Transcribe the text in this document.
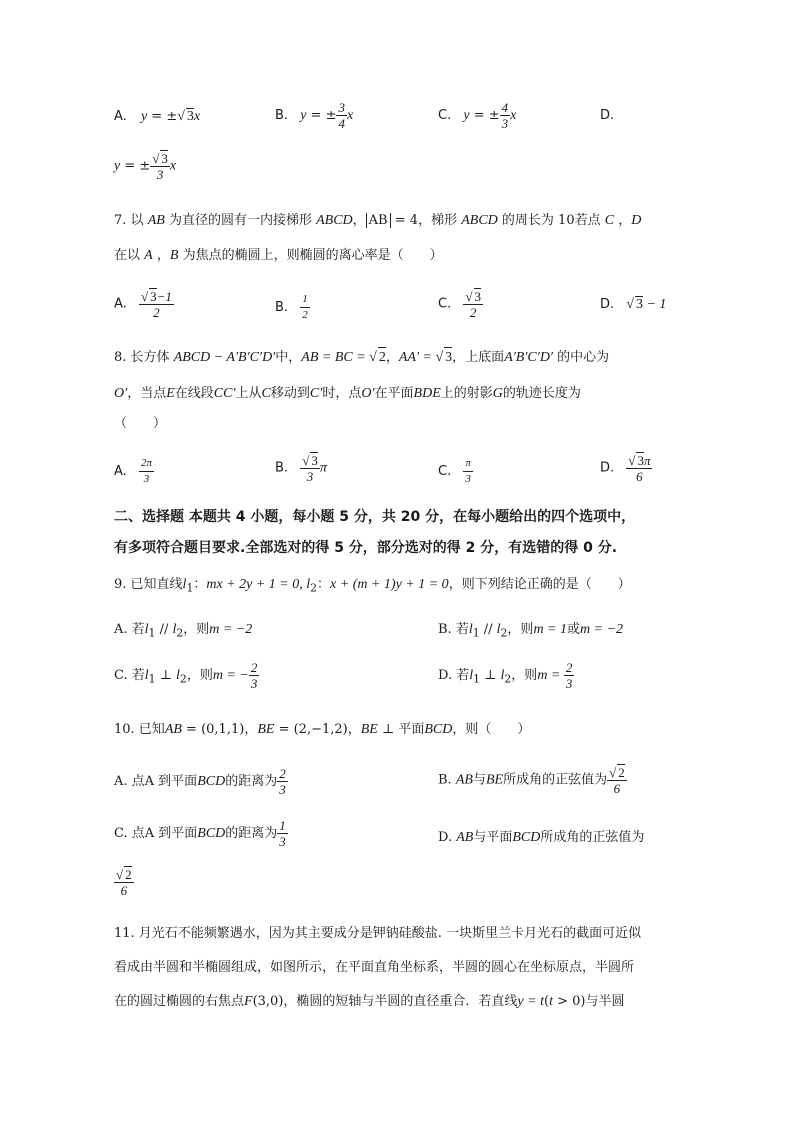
A. y = ± √ 3x	B. y = ± $\frac{3}{4}$ x	C. y = ± $\frac{4}{3}$ x	D.
y = ± √ $\frac{3}{3}$ x
7. 以 AB 为直径的圆有一内接梯形 ABCD， AB = 4，梯形 ABCD 的周长为 10若点 C ，D
在以 A ，B 为焦点的椭圆上，则椭圆的离心率是（　　）
A. √ $\frac{3-1}{2}$	B. $\frac{1}{2}$	C. √ $\frac{3}{2}$	D. √ 3 − 1
8. 长方体 ABCD − A′B′C′D′中，AB = BC = √ 2，AA′ = √ 3，上底面A′B′C′D′ 的中心为
O′，当点E在线段CC′上从C移动到C′时，点O′在平面BDE上的射影G的轨迹长度为
（　　）
A. $\frac{2\pi}{3}$	B. √ $\frac{3}{3}$ π	C. $\frac{\pi}{3}$	D. √ $\frac{3\pi}{6}$
二、选择题 本题共 4 小题，每小题 5 分，共 20 分，在每小题给出的四个选项中，
有多项符合题目要求.全部选对的得 5 分，部分选对的得 2 分，有选错的得 0 分.
9. 已知直线$l_1$：mx + 2y + 1 = 0, $l_2$：x + (m + 1)y + 1 = 0，则下列结论正确的是（　　）
A. 若$l_1 // l_2$，则m = −2	B. 若$l_1 // l_2$，则m = 1或m = −2
C. 若$l_1$ ⊥ $l_2$，则m = − $\frac{2}{3}$	D. 若$l_1$ ⊥ $l_2$，则$m = \frac{2}{3}$
10. 已知AB = (0,1,1)，BE = (2,−1,2)，BE ⊥ 平面BCD，则（　　）
A. 点A 到平面BCD的距离为 $\frac{2}{3}$	B. AB与BE所成角的正弦值为 √ $\frac{2}{6}$
C. 点A 到平面BCD的距离为 $\frac{1}{3}$	D. AB与平面BCD所成角的正弦值为
√ $\frac{2}{6}$
11. 月光石不能频繁遇水，因为其主要成分是钾钠硅酸盐. 一块斯里兰卡月光石的截面可近似
看成由半圆和半椭圆组成，如图所示，在平面直角坐标系，半圆的圆心在坐标原点，半圆所
在的圆过椭圆的右焦点F(3,0)，椭圆的短轴与半圆的直径重合．若直线y = t(t > 0)与半圆
